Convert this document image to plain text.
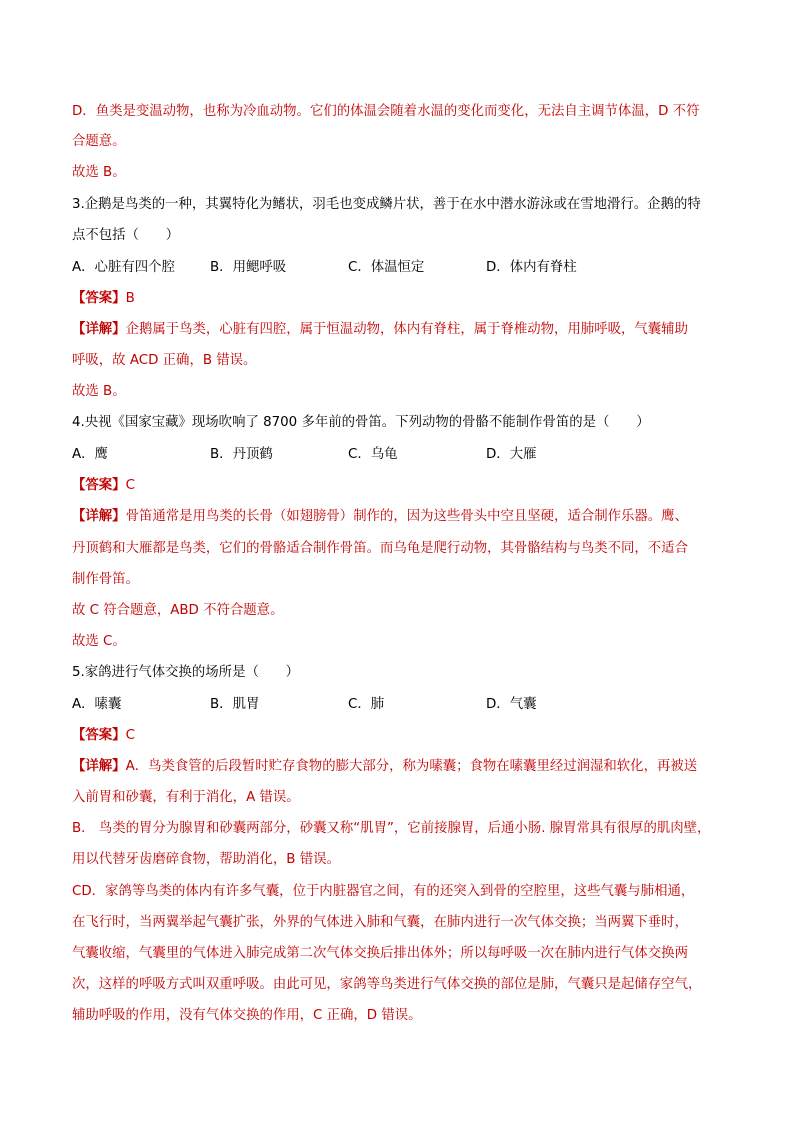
D．鱼类是变温动物，也称为冷血动物。它们的体温会随着水温的变化而变化，无法自主调节体温，D 不符
合题意。
故选 B。
3.企鹅是鸟类的一种，其翼特化为鳍状，羽毛也变成鳞片状，善于在水中潜水游泳或在雪地滑行。企鹅的特
点不包括（　　）
A．心脏有四个腔	B．用鳃呼吸	C．体温恒定	D．体内有脊柱
【答案】B
【详解】企鹅属于鸟类，心脏有四腔，属于恒温动物，体内有脊柱，属于脊椎动物，用肺呼吸，气囊辅助
呼吸，故 ACD 正确，B 错误。
故选 B。
4.央视《国家宝藏》现场吹响了 8700 多年前的骨笛。下列动物的骨骼不能制作骨笛的是（　　）
A．鹰	B．丹顶鹤	C．乌龟	D．大雁
【答案】C
【详解】骨笛通常是用鸟类的长骨（如翅膀骨）制作的，因为这些骨头中空且坚硬，适合制作乐器。鹰、
丹顶鹤和大雁都是鸟类，它们的骨骼适合制作骨笛。而乌龟是爬行动物，其骨骼结构与鸟类不同，不适合
制作骨笛。
故 C 符合题意，ABD 不符合题意。
故选 C。
5.家鸽进行气体交换的场所是（　　）
A．嗉囊	B．肌胃	C．肺	D．气囊
【答案】C
【详解】A．鸟类食管的后段暂时贮存食物的膨大部分，称为嗉囊；食物在嗉囊里经过润湿和软化，再被送
入前胃和砂囊，有利于消化，A 错误。
B． 鸟类的胃分为腺胃和砂囊两部分，砂囊又称“肌胃”，它前接腺胃，后通小肠. 腺胃常具有很厚的肌肉壁，
用以代替牙齿磨碎食物，帮助消化，B 错误。
CD．家鸽等鸟类的体内有许多气囊，位于内脏器官之间，有的还突入到骨的空腔里，这些气囊与肺相通，
在飞行时，当两翼举起气囊扩张，外界的气体进入肺和气囊，在肺内进行一次气体交换；当两翼下垂时，
气囊收缩，气囊里的气体进入肺完成第二次气体交换后排出体外；所以每呼吸一次在肺内进行气体交换两
次，这样的呼吸方式叫双重呼吸。由此可见，家鸽等鸟类进行气体交换的部位是肺，气囊只是起储存空气，
辅助呼吸的作用，没有气体交换的作用，C 正确，D 错误。
